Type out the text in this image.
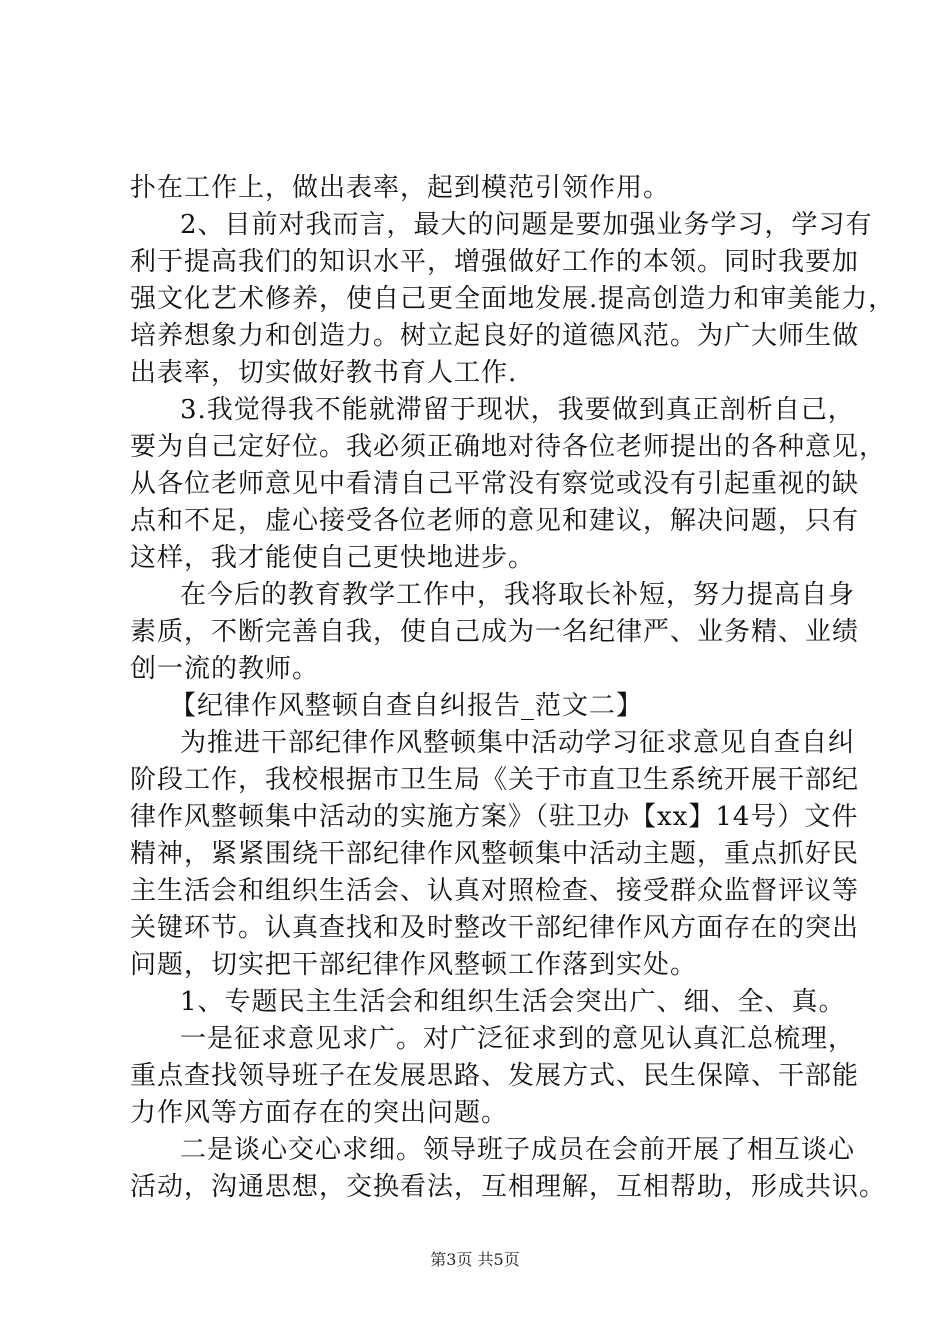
扑在工作上，做出表率，起到模范引领作用。
2、目前对我而言，最大的问题是要加强业务学习，学习有
利于提高我们的知识水平，增强做好工作的本领。同时我要加
强文化艺术修养，使自己更全面地发展.提高创造力和审美能力，
培养想象力和创造力。树立起良好的道德风范。为广大师生做
出表率，切实做好教书育人工作.
3.我觉得我不能就滞留于现状，我要做到真正剖析自己，
要为自己定好位。我必须正确地对待各位老师提出的各种意见，
从各位老师意见中看清自己平常没有察觉或没有引起重视的缺
点和不足，虚心接受各位老师的意见和建议，解决问题，只有
这样，我才能使自己更快地进步。
在今后的教育教学工作中，我将取长补短，努力提高自身
素质，不断完善自我，使自己成为一名纪律严、业务精、业绩
创一流的教师。
【纪律作风整顿自查自纠报告_范文二】
为推进干部纪律作风整顿集中活动学习征求意见自查自纠
阶段工作，我校根据市卫生局《关于市直卫生系统开展干部纪
律作风整顿集中活动的实施方案》（驻卫办【xx】14号）文件
精神，紧紧围绕干部纪律作风整顿集中活动主题，重点抓好民
主生活会和组织生活会、认真对照检查、接受群众监督评议等
关键环节。认真查找和及时整改干部纪律作风方面存在的突出
问题，切实把干部纪律作风整顿工作落到实处。
1、专题民主生活会和组织生活会突出广、细、全、真。
一是征求意见求广。对广泛征求到的意见认真汇总梳理，
重点查找领导班子在发展思路、发展方式、民生保障、干部能
力作风等方面存在的突出问题。
二是谈心交心求细。领导班子成员在会前开展了相互谈心
活动，沟通思想，交换看法，互相理解，互相帮助，形成共识。
第3页 共5页
